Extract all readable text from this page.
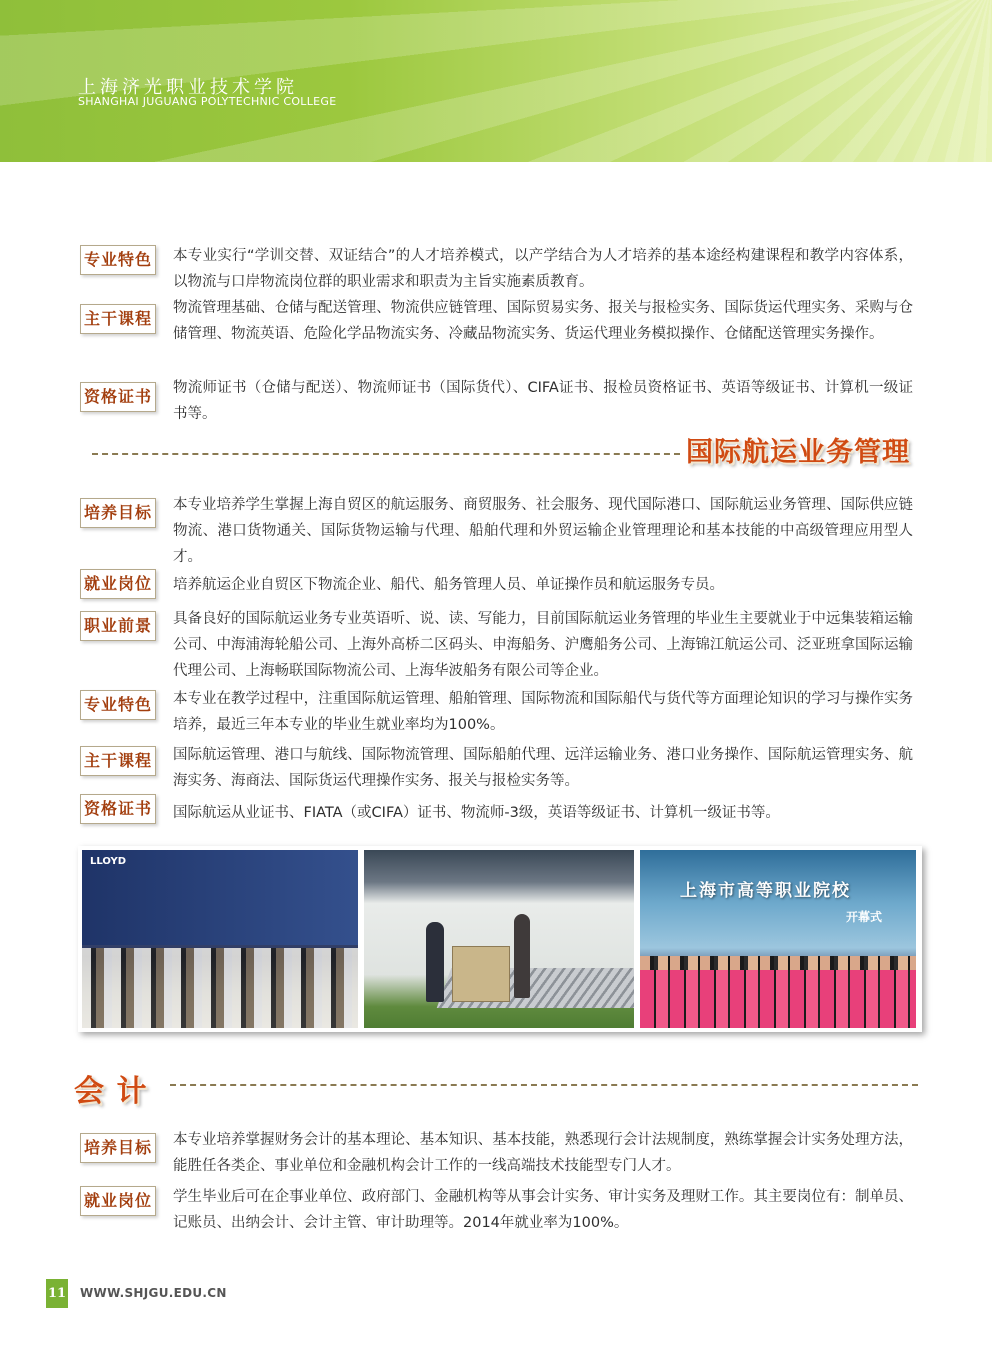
上海济光职业技术学院
SHANGHAI JUGUANG POLYTECHNIC COLLEGE
专业特色 本专业实行“学训交替、双证结合”的人才培养模式，以产学结合为人才培养的基本途经构建课程和教学内容体系，以物流与口岸物流岗位群的职业需求和职责为主旨实施素质教育。
主干课程
物流管理基础、仓储与配送管理、物流供应链管理、国际贸易实务、报关与报检实务、国际货运代理实务、采购与仓储管理、物流英语、危险化学品物流实务、冷藏品物流实务、货运代理业务模拟操作、仓储配送管理实务操作。
资格证书 物流师证书（仓储与配送）、物流师证书（国际货代）、CIFA证书、报检员资格证书、英语等级证书、计算机一级证书等。
国际航运业务管理
培养目标 本专业培养学生掌握上海自贸区的航运服务、商贸服务、社会服务、现代国际港口、国际航运业务管理、国际供应链物流、港口货物通关、国际货物运输与代理、船舶代理和外贸运输企业管理理论和基本技能的中高级管理应用型人才。
就业岗位 培养航运企业自贸区下物流企业、船代、船务管理人员、单证操作员和航运服务专员。
职业前景 具备良好的国际航运业务专业英语听、说、读、写能力，目前国际航运业务管理的毕业生主要就业于中远集装箱运输公司、中海浦海轮船公司、上海外高桥二区码头、申海船务、沪鹰船务公司、上海锦江航运公司、泛亚班拿国际运输代理公司、上海畅联国际物流公司、上海华波船务有限公司等企业。
专业特色 本专业在教学过程中，注重国际航运管理、船舶管理、国际物流和国际船代与货代等方面理论知识的学习与操作实务培养，最近三年本专业的毕业生就业率均为100%。
主干课程 国际航运管理、港口与航线、国际物流管理、国际船舶代理、远洋运输业务、港口业务操作、国际航运管理实务、航海实务、海商法、国际货运代理操作实务、报关与报检实务等。
资格证书 国际航运从业证书、FIATA（或CIFA）证书、物流师-3级，英语等级证书、计算机一级证书等。
LLOYD
上海市高等职业院校
开幕式
会 计
培养目标 本专业培养掌握财务会计的基本理论、基本知识、基本技能，熟悉现行会计法规制度，熟练掌握会计实务处理方法，能胜任各类企、事业单位和金融机构会计工作的一线高端技术技能型专门人才。
就业岗位 学生毕业后可在企事业单位、政府部门、金融机构等从事会计实务、审计实务及理财工作。其主要岗位有：制单员、记账员、出纳会计、会计主管、审计助理等。2014年就业率为100%。
11 WWW.SHJGU.EDU.CN
